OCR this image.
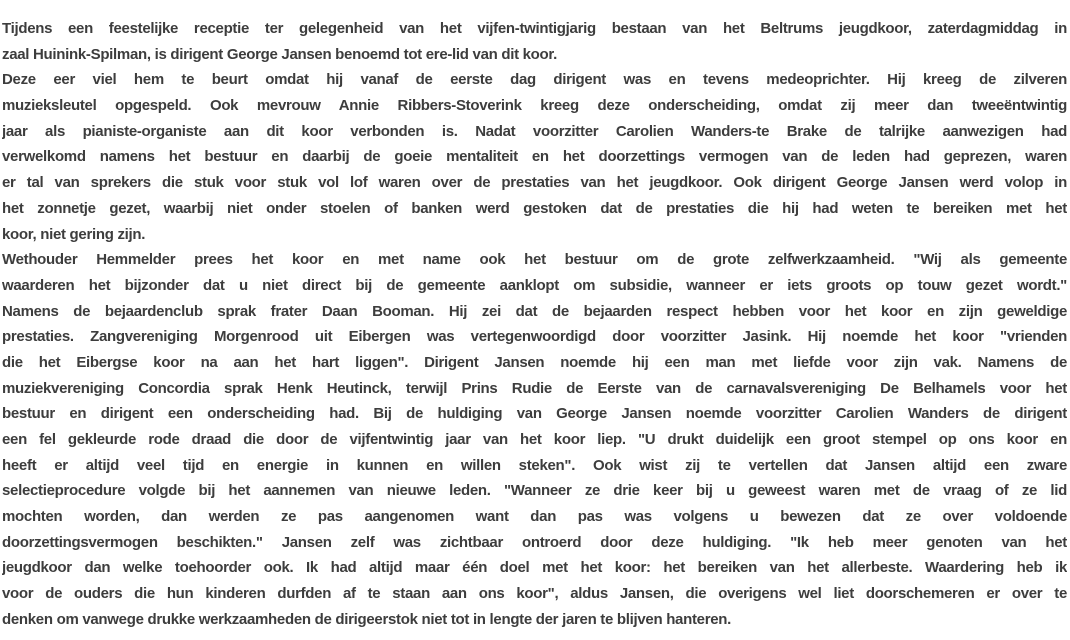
Tijdens een feestelijke receptie ter gelegenheid van het vijfen-twintigjarig bestaan van het Beltrums jeugdkoor, zaterdagmiddag in
zaal Huinink-Spilman, is dirigent George Jansen benoemd tot ere-lid van dit koor.
Deze eer viel hem te beurt omdat hij vanaf de eerste dag dirigent was en tevens medeoprichter. Hij kreeg de zilveren
muzieksleutel opgespeld. Ook mevrouw Annie Ribbers-Stoverink kreeg deze onderscheiding, omdat zij meer dan tweeëntwintig
jaar als pianiste-organiste aan dit koor verbonden is. Nadat voorzitter Carolien Wanders-te Brake de talrijke aanwezigen had
verwelkomd namens het bestuur en daarbij de goeie mentaliteit en het doorzettings vermogen van de leden had geprezen, waren
er tal van sprekers die stuk voor stuk vol lof waren over de prestaties van het jeugdkoor. Ook dirigent George Jansen werd volop in
het zonnetje gezet, waarbij niet onder stoelen of banken werd gestoken dat de prestaties die hij had weten te bereiken met het
koor, niet gering zijn.
Wethouder Hemmelder prees het koor en met name ook het bestuur om de grote zelfwerkzaamheid. "Wij als gemeente
waarderen het bijzonder dat u niet direct bij de gemeente aanklopt om subsidie, wanneer er iets groots op touw gezet wordt."
Namens de bejaardenclub sprak frater Daan Booman. Hij zei dat de bejaarden respect hebben voor het koor en zijn geweldige
prestaties. Zangvereniging Morgenrood uit Eibergen was vertegenwoordigd door voorzitter Jasink. Hij noemde het koor "vrienden
die het Eibergse koor na aan het hart liggen". Dirigent Jansen noemde hij een man met liefde voor zijn vak. Namens de
muziekvereniging Concordia sprak Henk Heutinck, terwijl Prins Rudie de Eerste van de carnavalsvereniging De Belhamels voor het
bestuur en dirigent een onderscheiding had. Bij de huldiging van George Jansen noemde voorzitter Carolien Wanders de dirigent
een fel gekleurde rode draad die door de vijfentwintig jaar van het koor liep. "U drukt duidelijk een groot stempel op ons koor en
heeft er altijd veel tijd en energie in kunnen en willen steken". Ook wist zij te vertellen dat Jansen altijd een zware
selectieprocedure volgde bij het aannemen van nieuwe leden. "Wanneer ze drie keer bij u geweest waren met de vraag of ze lid
mochten worden, dan werden ze pas aangenomen want dan pas was volgens u bewezen dat ze over voldoende
doorzettingsvermogen beschikten." Jansen zelf was zichtbaar ontroerd door deze huldiging. "Ik heb meer genoten van het
jeugdkoor dan welke toehoorder ook. Ik had altijd maar één doel met het koor: het bereiken van het allerbeste. Waardering heb ik
voor de ouders die hun kinderen durfden af te staan aan ons koor", aldus Jansen, die overigens wel liet doorschemeren er over te
denken om vanwege drukke werkzaamheden de dirigeerstok niet tot in lengte der jaren te blijven hanteren.
